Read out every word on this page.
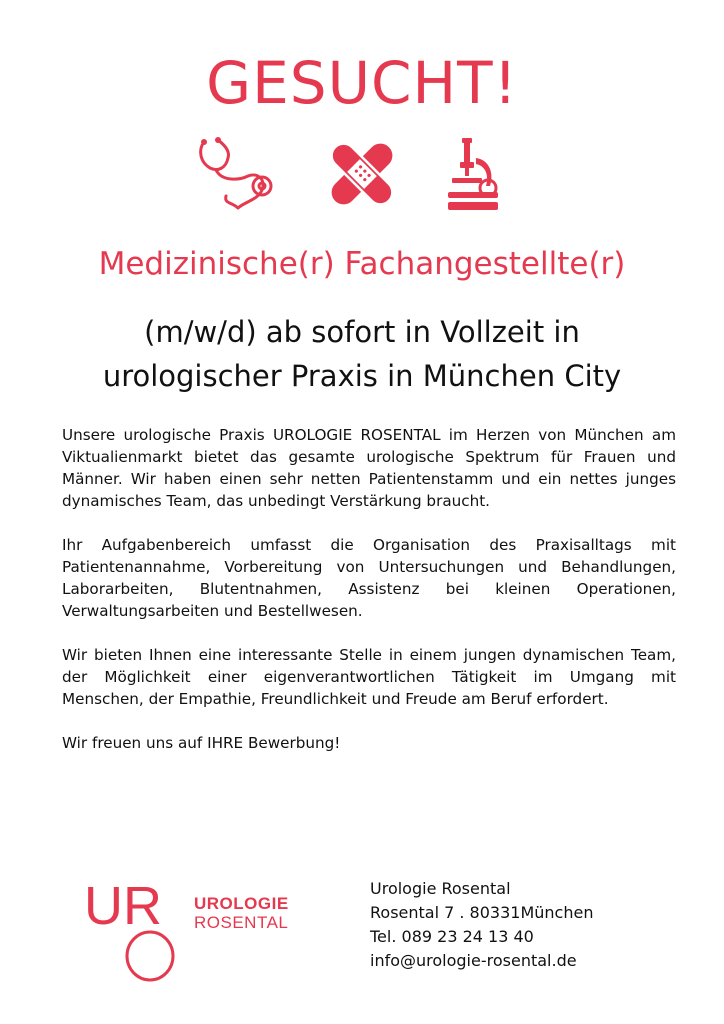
GESUCHT!
Medizinische(r) Fachangestellte(r)
(m/w/d) ab sofort in Vollzeit in
urologischer Praxis in München City

Unsere urologische Praxis UROLOGIE ROSENTAL im Herzen von München am Viktualienmarkt bietet das gesamte urologische Spektrum für Frauen und Männer. Wir haben einen sehr netten Patientenstamm und ein nettes junges dynamisches Team, das unbedingt Verstärkung braucht.

Ihr Aufgabenbereich umfasst die Organisation des Praxisalltags mit Patientenannahme, Vorbereitung von Untersuchungen und Behandlungen, Laborarbeiten, Blutentnahmen, Assistenz bei kleinen Operationen, Verwaltungsarbeiten und Bestellwesen.

Wir bieten Ihnen eine interessante Stelle in einem jungen dynamischen Team, der Möglichkeit einer eigenverantwortlichen Tätigkeit im Umgang mit Menschen, der Empathie, Freundlichkeit und Freude am Beruf erfordert.

Wir freuen uns auf IHRE Bewerbung!

UR UROLOGIE
ROSENTAL
Urologie Rosental
Rosental 7 . 80331München
Tel. 089 23 24 13 40
info@urologie-rosental.de
